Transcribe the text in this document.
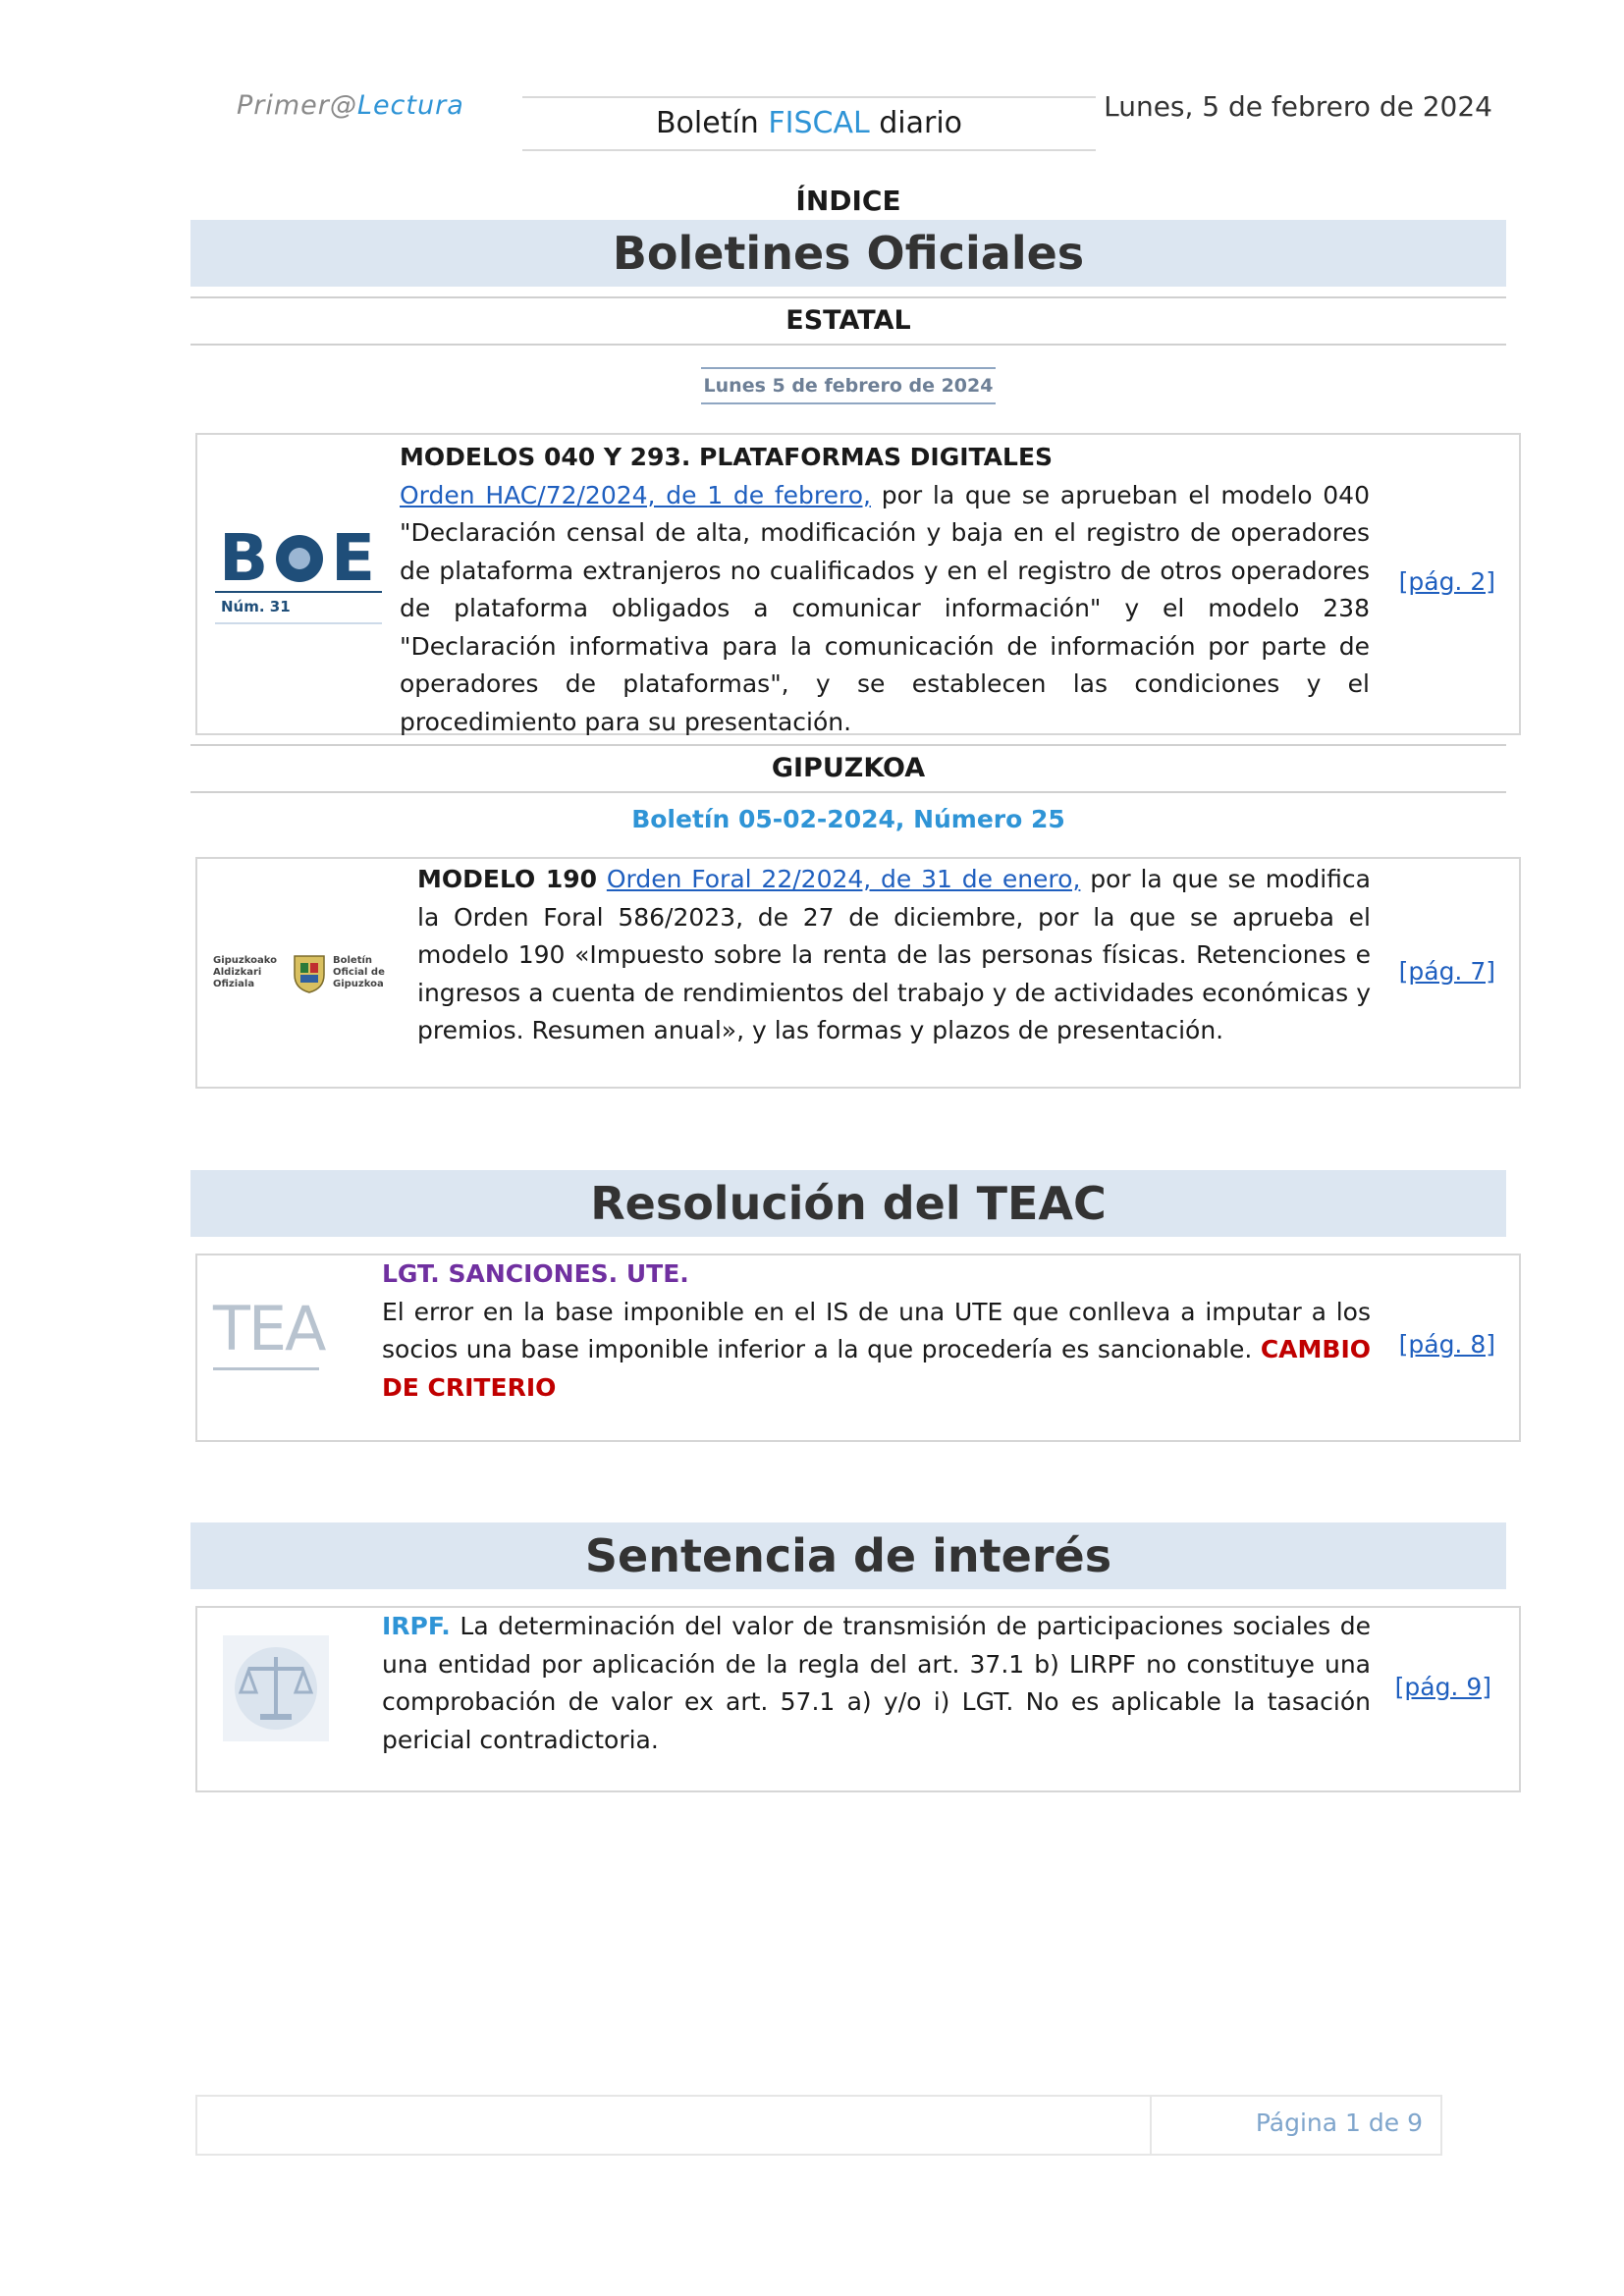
Primer@Lectura
Boletín FISCAL diario	Lunes, 5 de febrero de 2024
ÍNDICE
Boletines Oficiales
ESTATAL
Lunes 5 de febrero de 2024
B E
Núm. 31
MODELOS 040 Y 293. PLATAFORMAS DIGITALES
Orden HAC/72/2024, de 1 de febrero, por la que se aprueban el modelo 040 "Declaración censal de alta, modificación y baja en el registro de operadores de plataforma extranjeros no cualificados y en el registro de otros operadores de plataforma obligados a comunicar información" y el modelo 238 "Declaración informativa para la comunicación de información por parte de operadores de plataformas", y se establecen las condiciones y el procedimiento para su presentación.
[pág. 2]
GIPUZKOA
Boletín 05-02-2024, Número 25
Gipuzkoako
Aldizkari
Ofiziala
Boletín
Oficial de
Gipuzkoa
MODELO 190 Orden Foral 22/2024, de 31 de enero, por la que se modifica la Orden Foral 586/2023, de 27 de diciembre, por la que se aprueba el modelo 190 «Impuesto sobre la renta de las personas físicas. Retenciones e ingresos a cuenta de rendimientos del trabajo y de actividades económicas y premios. Resumen anual», y las formas y plazos de presentación.
[pág. 7]
Resolución del TEAC
TEA
LGT. SANCIONES. UTE.
El error en la base imponible en el IS de una UTE que conlleva a imputar a los socios una base imponible inferior a la que procedería es sancionable. CAMBIO DE CRITERIO
[pág. 8]
Sentencia de interés
IRPF. La determinación del valor de transmisión de participaciones sociales de una entidad por aplicación de la regla del art. 37.1 b) LIRPF no constituye una comprobación de valor ex art. 57.1 a) y/o i) LGT. No es aplicable la tasación pericial contradictoria.
[pág. 9]
Página 1 de 9
